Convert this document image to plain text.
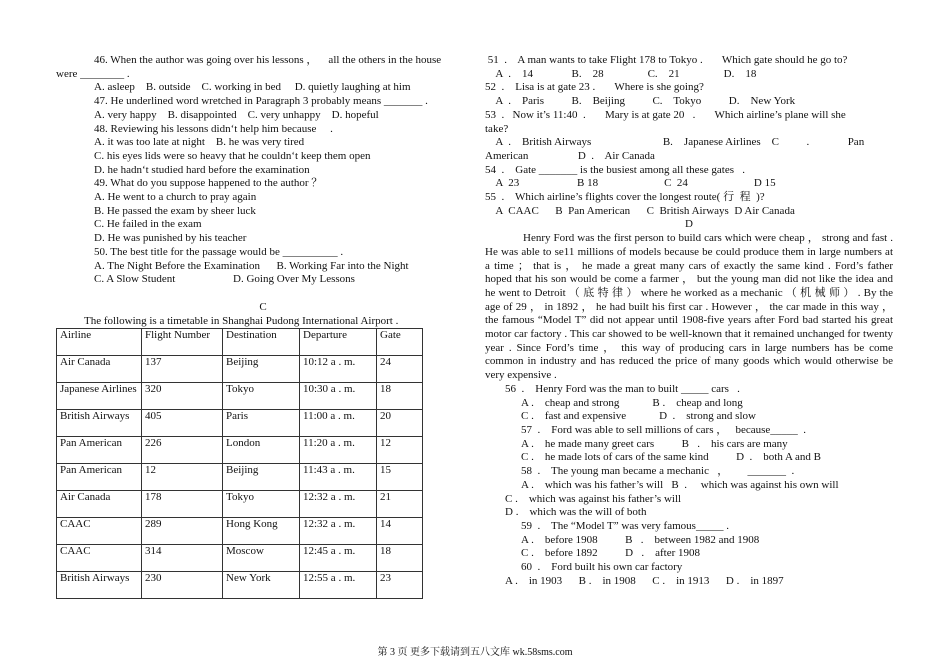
46. When the author was going over his lessons ，    all the others in the house
were ________ .
A. asleep    B. outside    C. working in bed     D. quietly laughing at him
47. He underlined word wretched in Paragraph 3 probably means _______ .
A. very happy    B. disappointed    C. very unhappy    D. hopeful
48. Reviewing his lessons didn‘t help him because     .
A. it was too late at night    B. he was very tired
C. his eyes lids were so heavy that he couldn‘t keep them open
D. he hadn‘t studied hard before the examination
49. What do you suppose happened to the author ？
A. He went to a church to pray again
B. He passed the exam by sheer luck
C. He failed in the exam
D. He was punished by his teacher
50. The best title for the passage would be __________ .
A. The Night Before the Examination      B. Working Far into the Night
C. A Slow Student                     D. Going Over My Lessons
C
The following is a timetable in Shanghai Pudong International Airport .
Airline	Flight Number	Destination	Departure	Gate
Air Canada	137	Beijing	10:12 a . m.	24
Japanese Airlines	320	Tokyo	10:30 a . m.	18
British Airways	405	Paris	11:00 a . m.	20
Pan American	226	London	11:20 a . m.	12
Pan American	12	Beijing	11:43 a . m.	15
Air Canada	178	Tokyo	12:32 a . m.	21
CAAC	289	Hong Kong	12:32 a . m.	14
CAAC	314	Moscow	12:45 a . m.	18
British Airways	230	New York	12:55 a . m.	23
51  .    A man wants to take Flight 178 to Tokyo .       Which gate should he go to?
A  .    14              B.    28                C.    21                D.    18
52  .    Lisa is at gate 23 .       Where is she going?
A  .    Paris          B.    Beijing          C.    Tokyo          D.    New York
53  .   Now it’s 11:40  .       Mary is at gate 20   .       Which airline’s plane will she
take?
A  .    British Airways                          B.    Japanese Airlines    C          .              Pan
American                  D  .    Air Canada
54  .    Gate _______ is the busiest among all these gates   .
A  23                     B 18                        C  24                        D 15
55  .    Which airline’s flights cover the longest route( 行  程  )?
A  CAAC      B  Pan American      C  British Airways  D Air Canada
D
Henry Ford was the first person to build cars which were cheap ， strong and fast . He was able to se11 millions of models because be could produce them in large numbers at a time ； that is ， he made a great many cars of exactly the same kind . Ford’s father hoped that his son would be come a farmer ， but the young man did not like the idea and he went to Detroit （ 底 特 律 ） where he worked as a mechanic （ 机 械 师 ） . By the age of 29 ， in 1892 ， he had built his first car . However ， the car made in this way ， the famous “Model T” did not appear until 1908-five years after Ford bad started his great motor car factory . This car showed to be well-known that it remained unchanged for twenty year . Since Ford’s time ， this way of producing cars in large numbers has be come common in industry and has reduced the price of many goods which would otherwise be very expensive .
56  .    Henry Ford was the man to built _____ cars   .
A .    cheap and strong            B .    cheap and long
C .    fast and expensive            D  .    strong and slow
57  .    Ford was able to sell millions of cars ，   because_____  .
A .    he made many greet cars          B   .    his cars are many
C .    he made lots of cars of the same kind          D  .    both A and B
58  .    The young man became a mechanic   ，       _______  .
A .    which was his father’s will   B  .     which was against his own will
C .    which was against his father’s will
D .    which was the will of both
59  .    The “Model T” was very famous_____ .
A .    before 1908          B   .    between 1982 and 1908
C .    before 1892          D   .    after 1908
60  .    Ford built his own car factory
A .    in 1903      B .    in 1908      C .    in 1913      D .    in 1897
第 3 页 更多下载请到五八文库 wk.58sms.com
